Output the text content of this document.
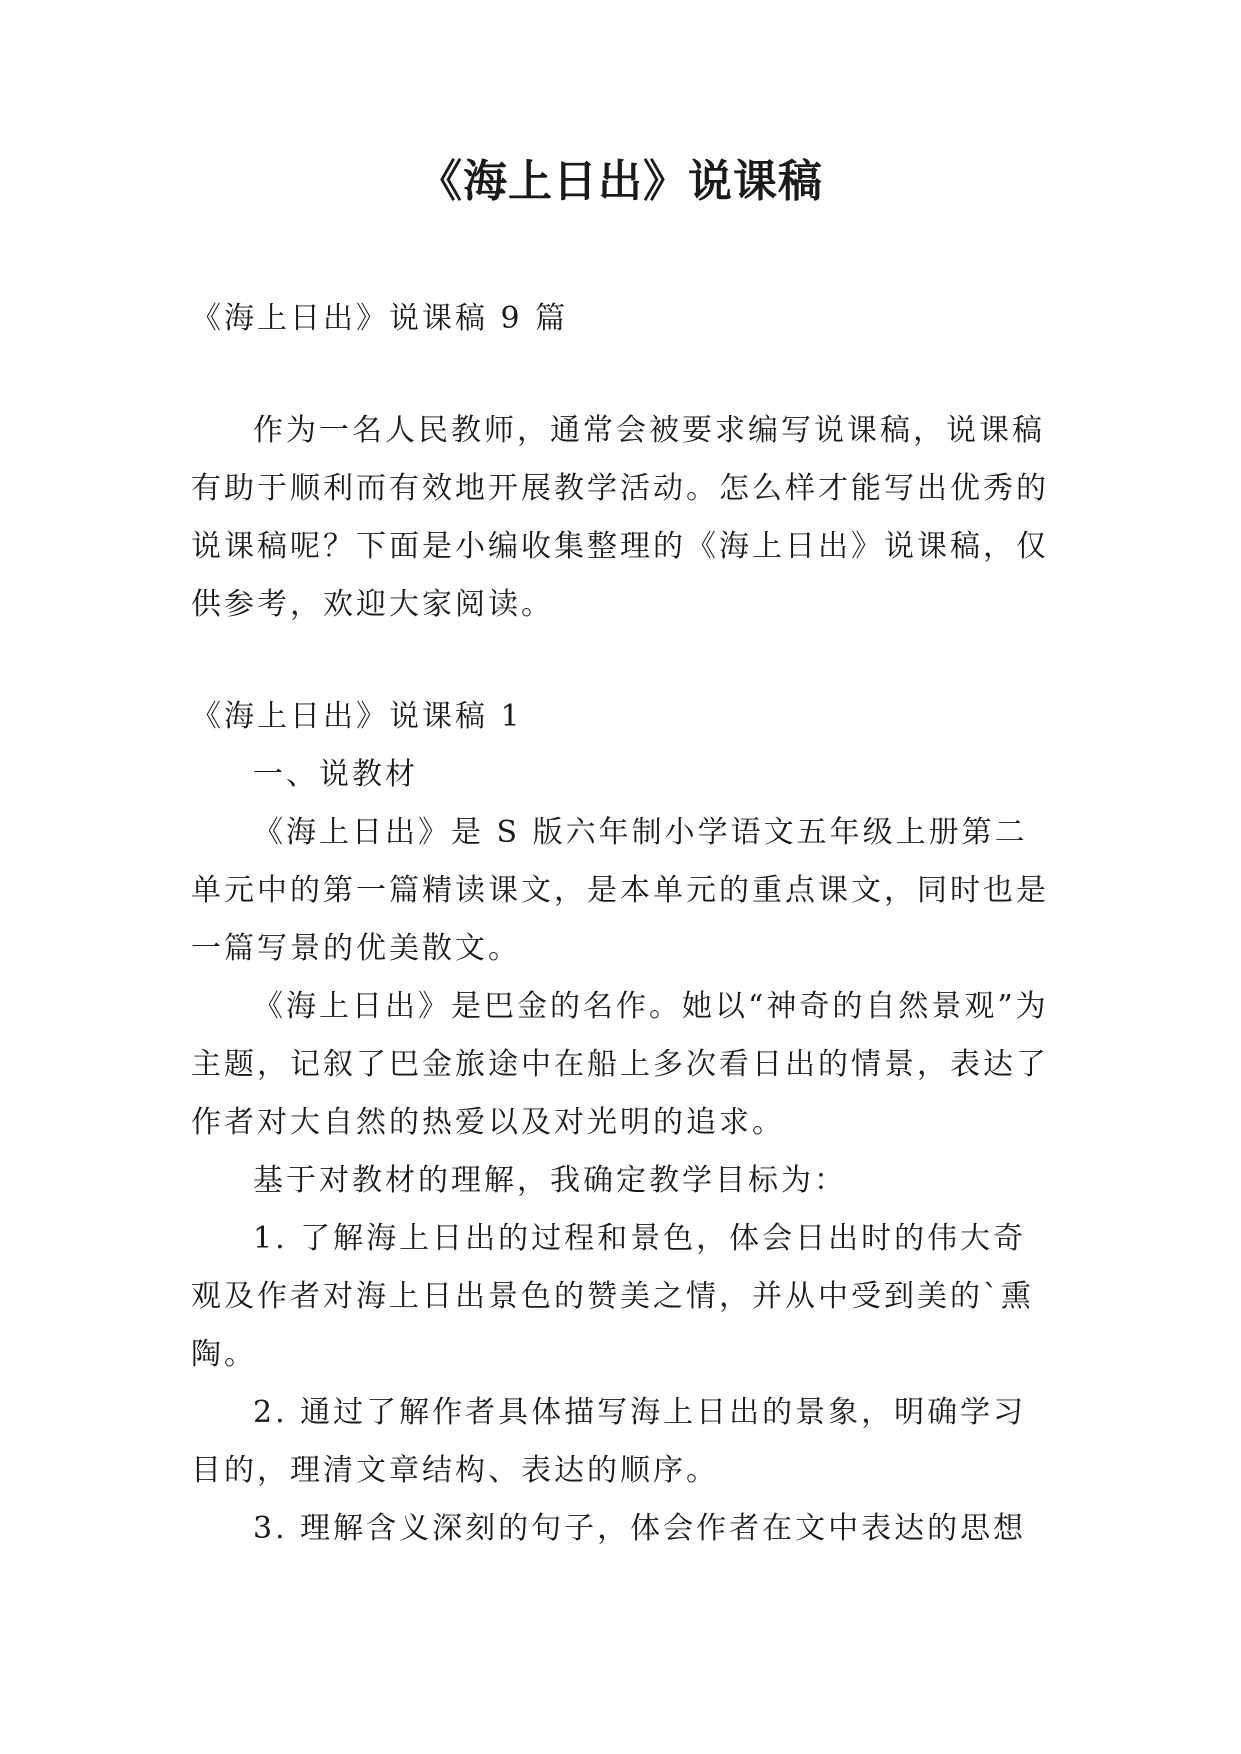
《海上日出》说课稿

《海上日出》说课稿 9 篇

作为一名人民教师，通常会被要求编写说课稿，说课稿有助于顺利而有效地开展教学活动。怎么样才能写出优秀的说课稿呢？下面是小编收集整理的《海上日出》说课稿，仅供参考，欢迎大家阅读。

《海上日出》说课稿 1

一、说教材

《海上日出》是 S 版六年制小学语文五年级上册第二单元中的第一篇精读课文，是本单元的重点课文，同时也是一篇写景的优美散文。

《海上日出》是巴金的名作。她以“神奇的自然景观”为主题，记叙了巴金旅途中在船上多次看日出的情景，表达了作者对大自然的热爱以及对光明的追求。

基于对教材的理解，我确定教学目标为：

1. 了解海上日出的过程和景色，体会日出时的伟大奇观及作者对海上日出景色的赞美之情，并从中受到美的`熏陶。

2. 通过了解作者具体描写海上日出的景象，明确学习目的，理清文章结构、表达的顺序。

3. 理解含义深刻的句子，体会作者在文中表达的思想
